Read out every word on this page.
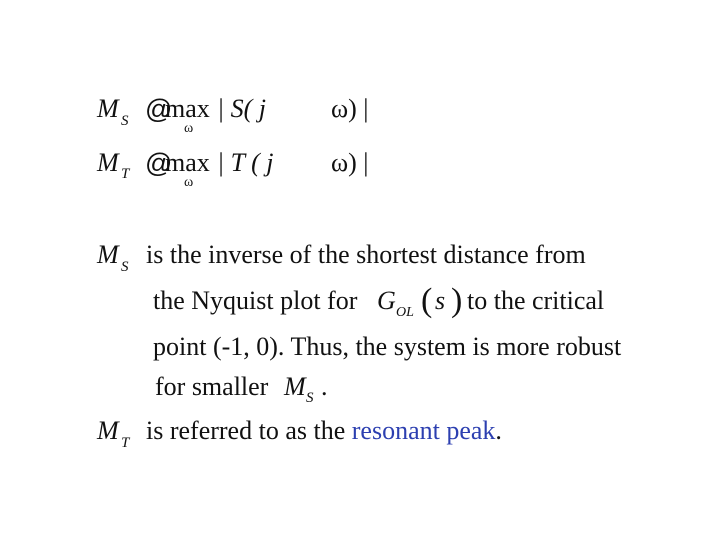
M S @
max
ω
| S( j ω) |
M T @
max
ω
| T ( j ω) |
M S is the inverse of the shortest distance from
the Nyquist plot for G OL ( s ) to the critical
point (-1, 0). Thus, the system is more robust
for smaller M S .
M T is referred to as the resonant peak.
